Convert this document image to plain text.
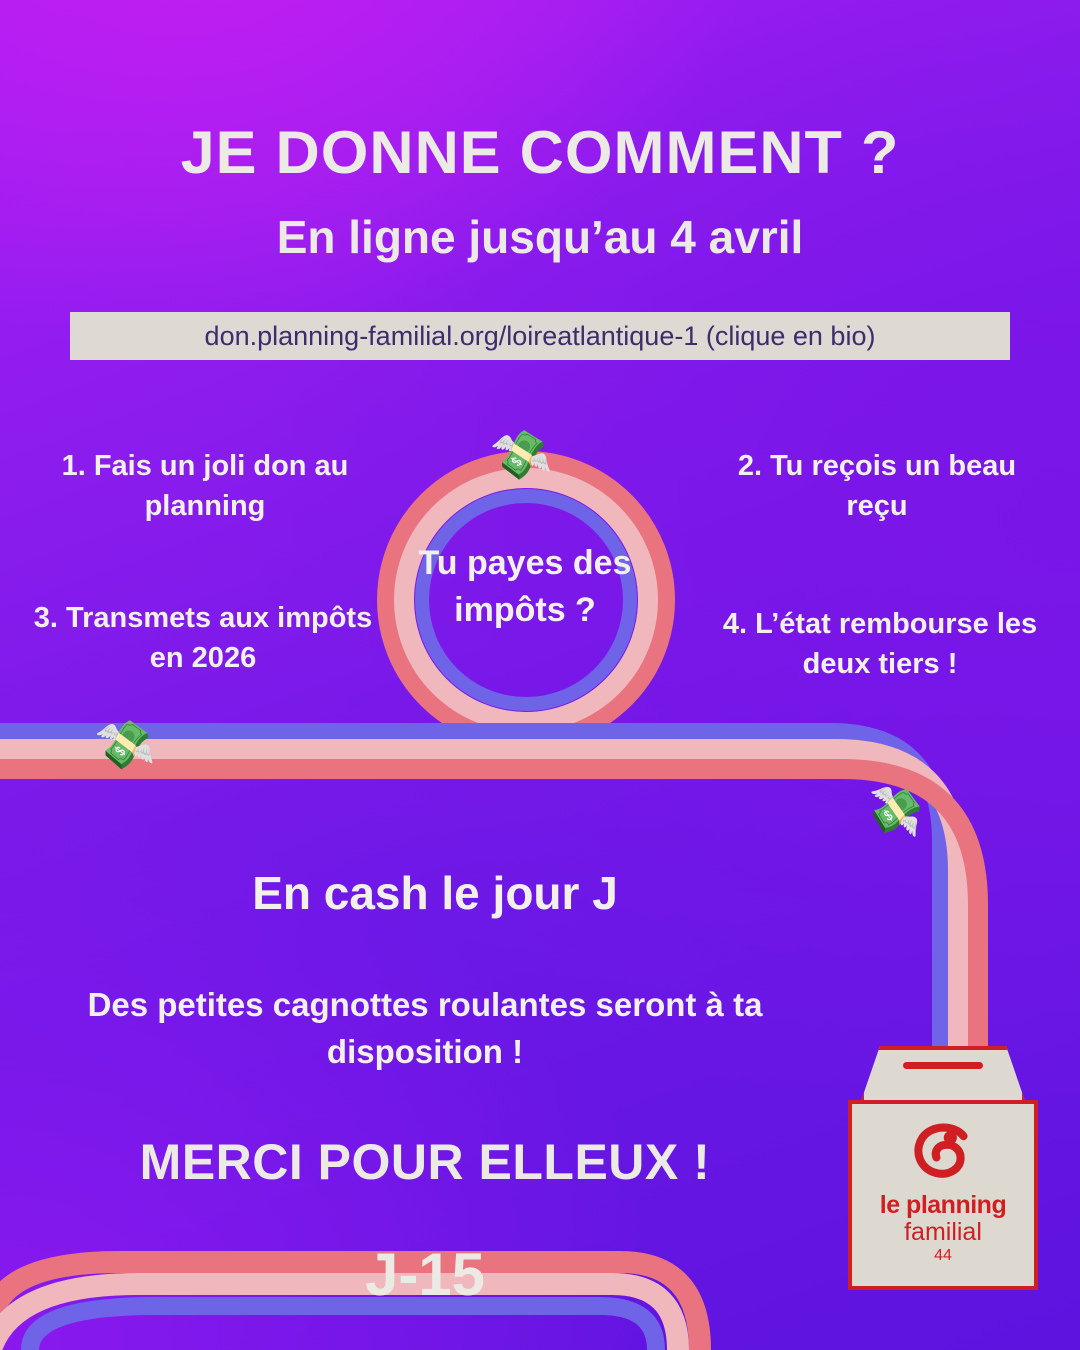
JE DONNE COMMENT ?
En ligne jusqu’au 4 avril
don.planning-familial.org/loireatlantique-1 (clique en bio)
1. Fais un joli don au planning
2. Tu reçois un beau reçu
3. Transmets aux impôts en 2026
4. L’état rembourse les deux tiers !
Tu payes des impôts ?
💸
💸
💸
En cash le jour J
Des petites cagnottes roulantes seront à ta disposition !
MERCI POUR ELLEUX !
J-15
le planning
familial
44
